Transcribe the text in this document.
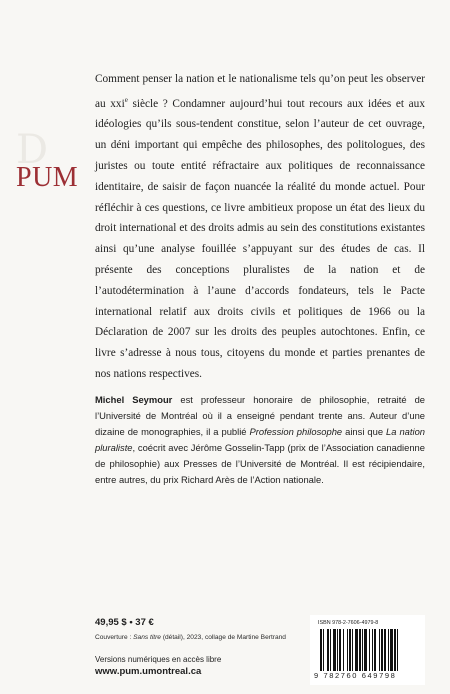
D
PUM

Comment penser la nation et le nationalisme tels qu’on peut les observer au xxi$^e$ siècle ? Condamner aujourd’hui tout recours aux idées et aux idéologies qu’ils sous-tendent constitue, selon l’auteur de cet ouvrage, un déni important qui empêche des philosophes, des politologues, des juristes ou toute entité réfractaire aux politiques de reconnaissance identitaire, de saisir de façon nuancée la réalité du monde actuel. Pour réfléchir à ces questions, ce livre ambitieux propose un état des lieux du droit international et des droits admis au sein des constitutions existantes ainsi qu’une analyse fouillée s’appuyant sur des études de cas. Il présente des conceptions pluralistes de la nation et de l’autodétermination à l’aune d’accords fondateurs, tels le Pacte international relatif aux droits civils et politiques de 1966 ou la Déclaration de 2007 sur les droits des peuples autochtones. Enfin, ce livre s’adresse à nous tous, citoyens du monde et parties prenantes de nos nations respectives.

Michel Seymour est professeur honoraire de philosophie, retraité de l’Université de Montréal où il a enseigné pendant trente ans. Auteur d’une dizaine de monographies, il a publié Profession philosophe ainsi que La nation pluraliste, coécrit avec Jérôme Gosselin-Tapp (prix de l’Association canadienne de philosophie) aux Presses de l’Université de Montréal. Il est récipiendaire, entre autres, du prix Richard Arès de l’Action nationale.

49,95 $ • 37 €
Couverture : Sans titre (détail), 2023, collage de Martine Bertrand
Versions numériques en accès libre
www.pum.umontreal.ca
ISBN 978-2-7606-4979-8
9 782760 649798
